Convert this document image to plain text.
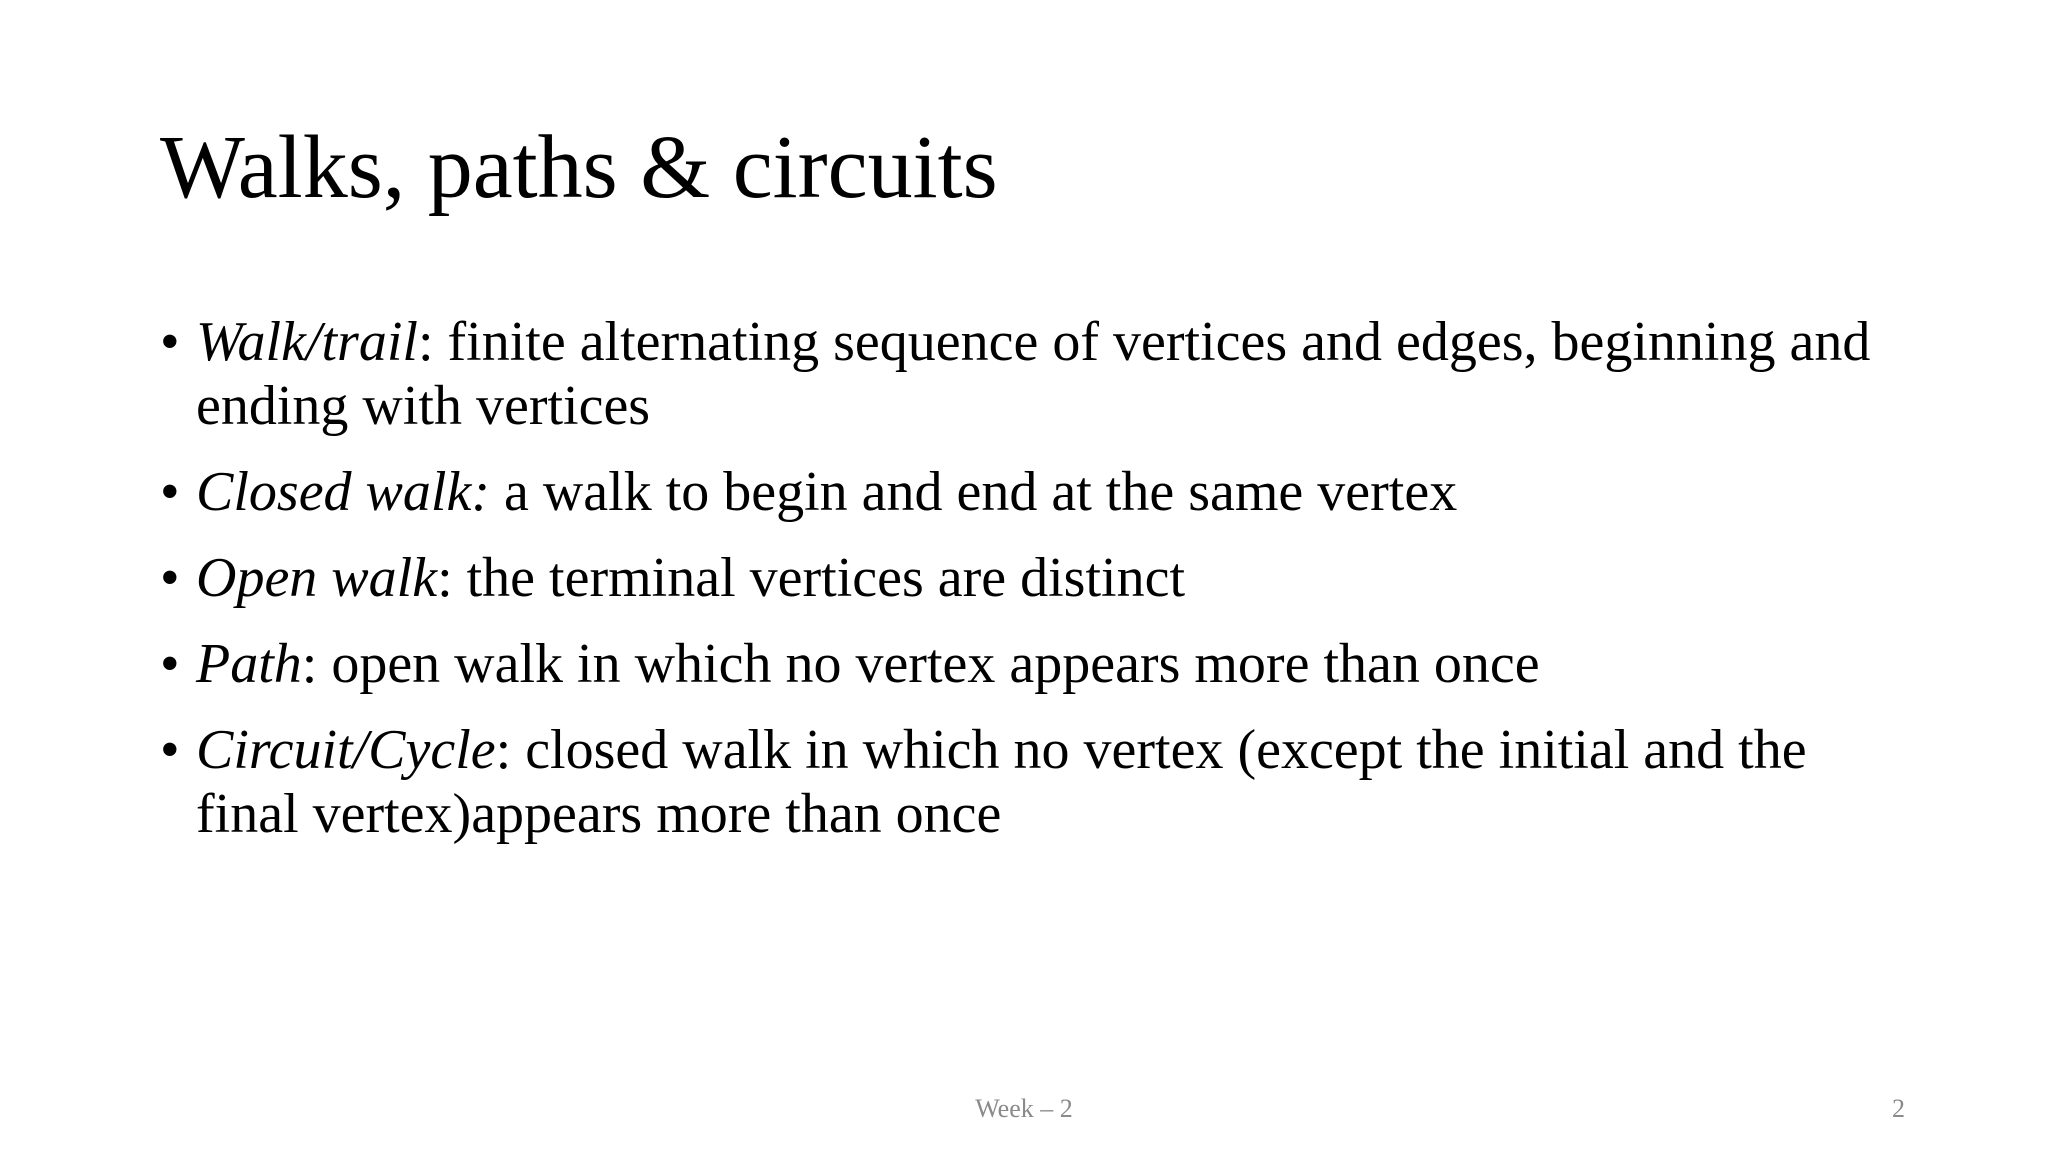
Walks, paths & circuits
• Walk/trail: finite alternating sequence of vertices and edges, beginning and ending with vertices
• Closed walk: a walk to begin and end at the same vertex
• Open walk: the terminal vertices are distinct
• Path: open walk in which no vertex appears more than once
• Circuit/Cycle: closed walk in which no vertex (except the initial and the final vertex)appears more than once
Week – 2	2
